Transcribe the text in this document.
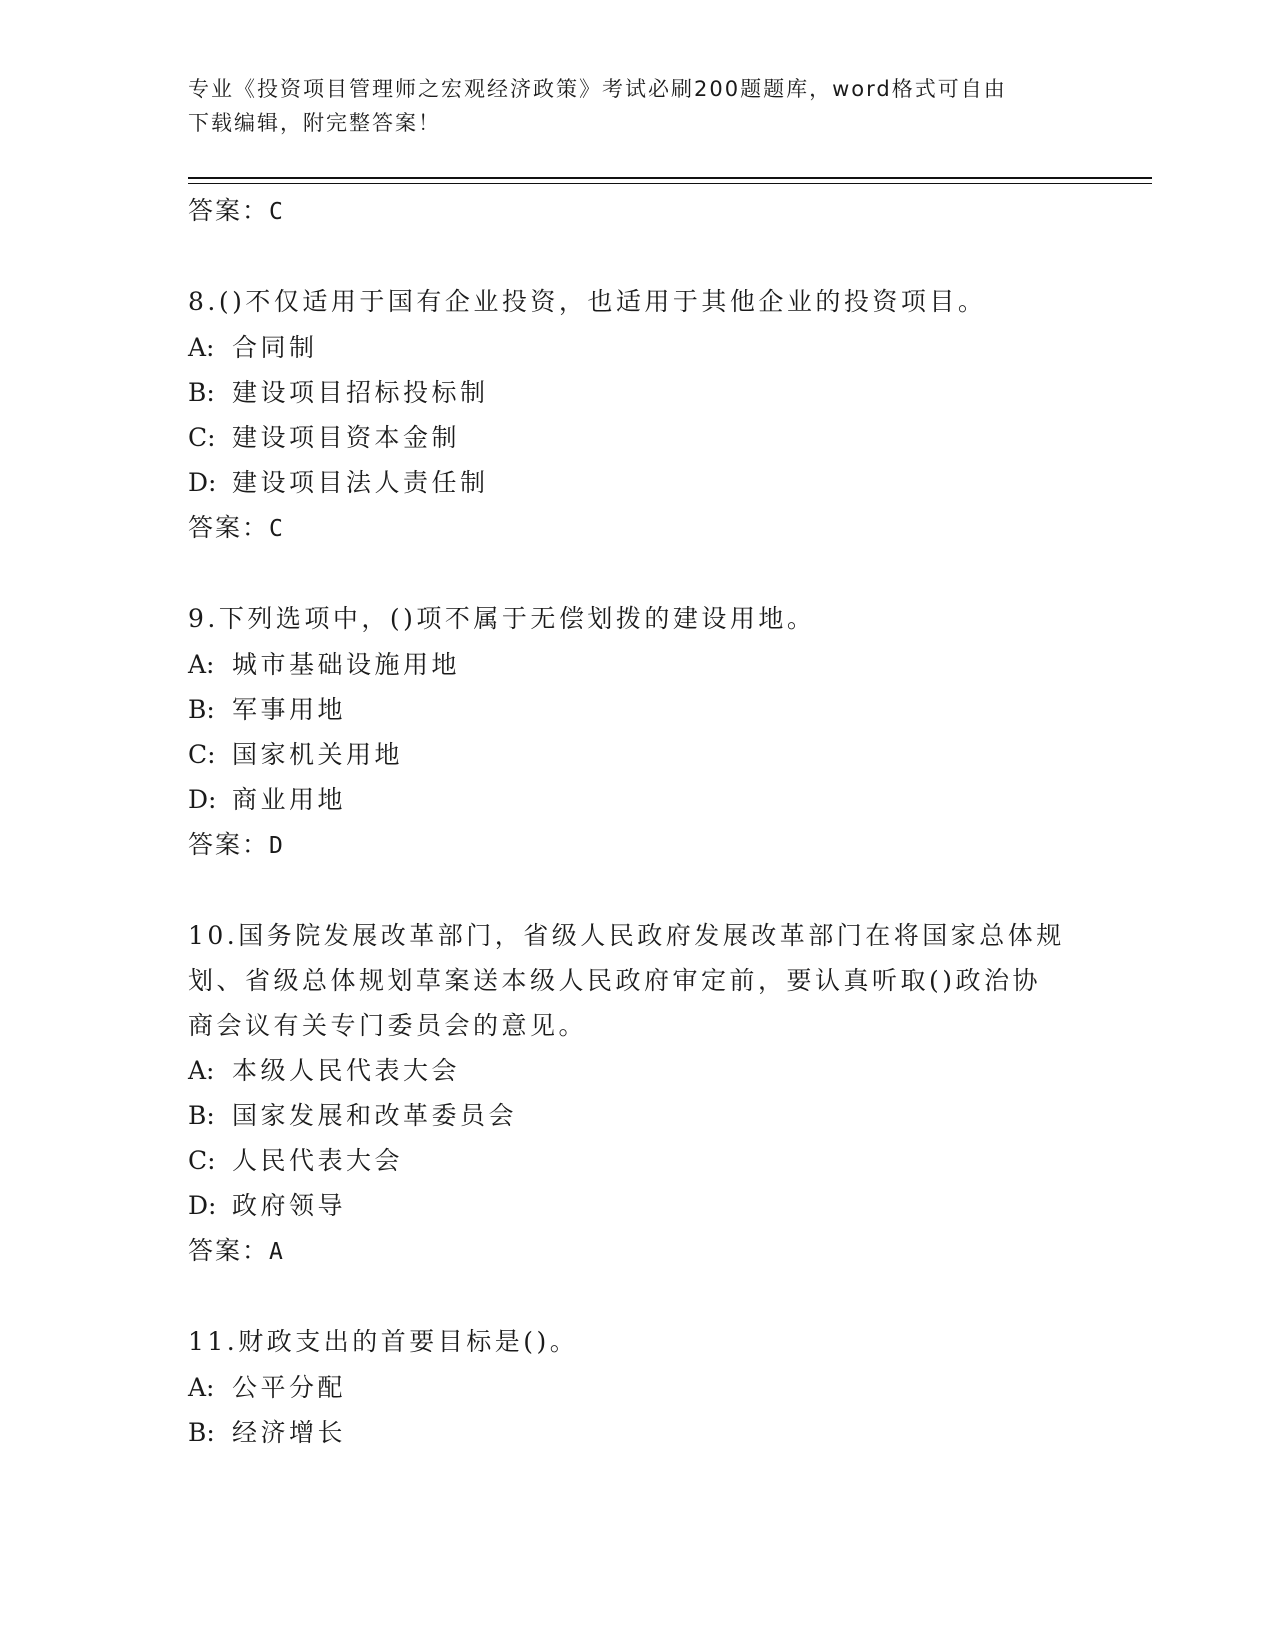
专业《投资项目管理师之宏观经济政策》考试必刷200题题库，word格式可自由
下载编辑，附完整答案！

答案：C

8.()不仅适用于国有企业投资，也适用于其他企业的投资项目。

A: 合同制

B: 建设项目招标投标制

C: 建设项目资本金制

D: 建设项目法人责任制

答案：C

9.下列选项中，()项不属于无偿划拨的建设用地。

A: 城市基础设施用地

B: 军事用地

C: 国家机关用地

D: 商业用地

答案：D

10.国务院发展改革部门，省级人民政府发展改革部门在将国家总体规

划、省级总体规划草案送本级人民政府审定前，要认真听取()政治协

商会议有关专门委员会的意见。

A: 本级人民代表大会

B: 国家发展和改革委员会

C: 人民代表大会

D: 政府领导

答案：A

11.财政支出的首要目标是()。

A: 公平分配

B: 经济增长
